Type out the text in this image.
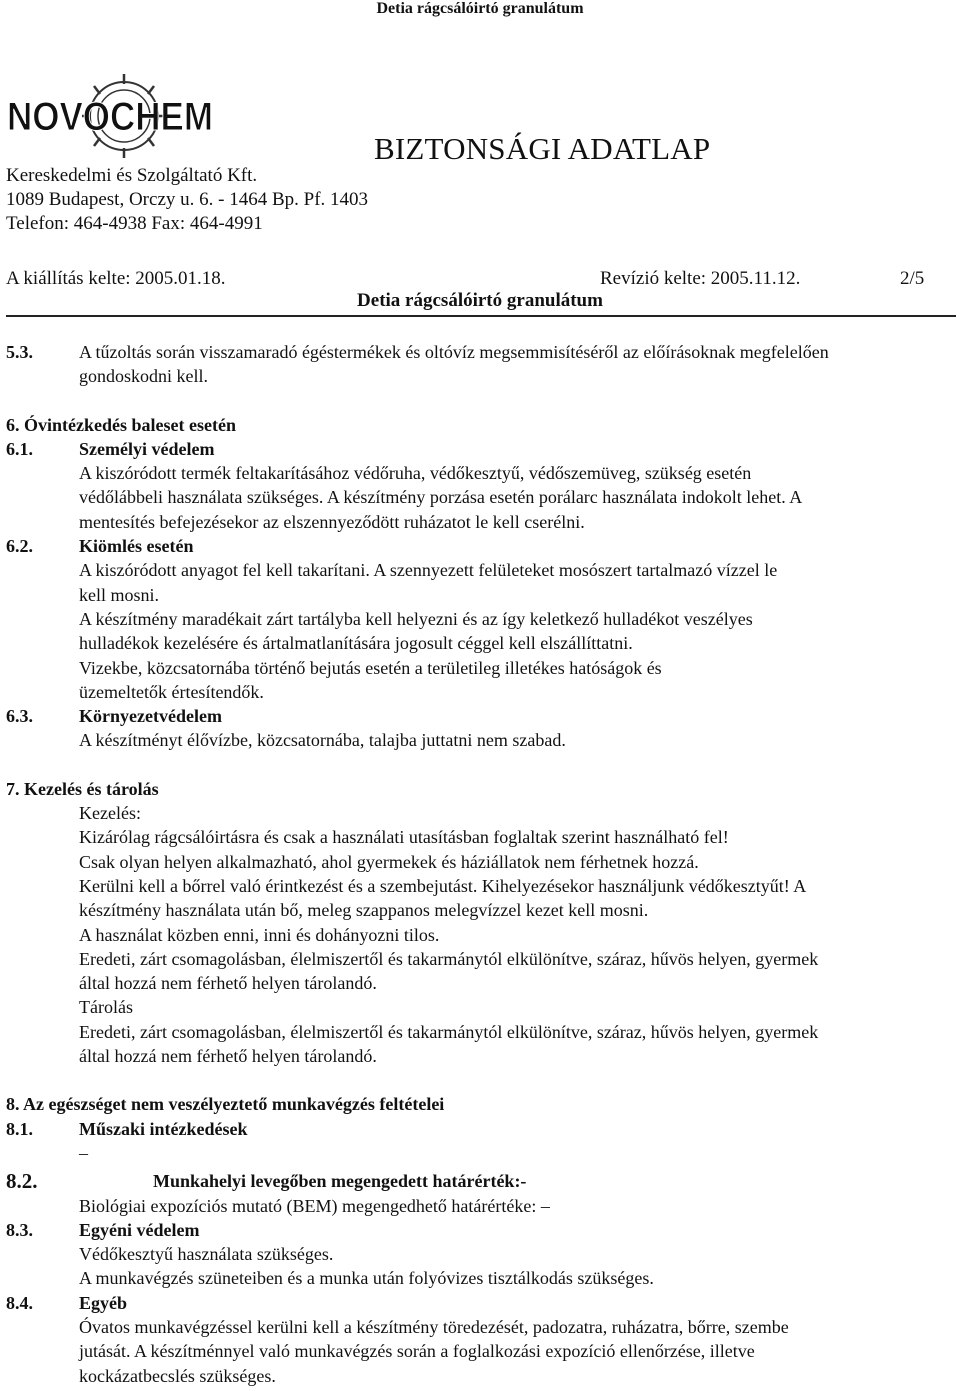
Detia rágcsálóirtó granulátum
NOVOCHEM
Kereskedelmi és Szolgáltató Kft.
1089 Budapest, Orczy u. 6. - 1464 Bp. Pf. 1403
Telefon: 464-4938 Fax: 464-4991
BIZTONSÁGI ADATLAP
A kiállítás kelte: 2005.01.18.	Revízió kelte: 2005.11.12.	2/5
Detia rágcsálóirtó granulátum
5.3.	A tűzoltás során visszamaradó égéstermékek és oltóvíz megsemmisítéséről az előírásoknak megfelelően

gondoskodni kell.

6. Óvintézkedés baleset esetén
6.1.	Személyi védelem

A kiszóródott termék feltakarításához védőruha, védőkesztyű, védőszemüveg, szükség esetén

védőlábbeli használata szükséges. A készítmény porzása esetén porálarc használata indokolt lehet. A

mentesítés befejezésekor az elszennyeződött ruházatot le kell cserélni.

6.2.	Kiömlés esetén

A kiszóródott anyagot fel kell takarítani. A szennyezett felületeket mosószert tartalmazó vízzel le

kell mosni.

A készítmény maradékait zárt tartályba kell helyezni és az így keletkező hulladékot veszélyes

hulladékok kezelésére és ártalmatlanítására jogosult céggel kell elszállíttatni.

Vizekbe, közcsatornába történő bejutás esetén a területileg illetékes hatóságok és

üzemeltetők értesítendők.

6.3.	Környezetvédelem

A készítményt élővízbe, közcsatornába, talajba juttatni nem szabad.

7. Kezelés és tárolás

Kezelés:

Kizárólag rágcsálóirtásra és csak a használati utasításban foglaltak szerint használható fel!

Csak olyan helyen alkalmazható, ahol gyermekek és háziállatok nem férhetnek hozzá.

Kerülni kell a bőrrel való érintkezést és a szembejutást. Kihelyezésekor használjunk védőkesztyűt! A

készítmény használata után bő, meleg szappanos melegvízzel kezet kell mosni.

A használat közben enni, inni és dohányozni tilos.

Eredeti, zárt csomagolásban, élelmiszertől és takarmánytól elkülönítve, száraz, hűvös helyen, gyermek

által hozzá nem férhető helyen tárolandó.

Tárolás

Eredeti, zárt csomagolásban, élelmiszertől és takarmánytól elkülönítve, száraz, hűvös helyen, gyermek

által hozzá nem férhető helyen tárolandó.

8. Az egészséget nem veszélyeztető munkavégzés feltételei
8.1.	Műszaki intézkedések

–

8.2.	Munkahelyi levegőben megengedett határérték:-

Biológiai expozíciós mutató (BEM) megengedhető határértéke: –

8.3.	Egyéni védelem

Védőkesztyű használata szükséges.

A munkavégzés szüneteiben és a munka után folyóvizes tisztálkodás szükséges.

8.4.	Egyéb

Óvatos munkavégzéssel kerülni kell a készítmény töredezését, padozatra, ruházatra, bőrre, szembe

jutását. A készítménnyel való munkavégzés során a foglalkozási expozíció ellenőrzése, illetve

kockázatbecslés szükséges.
